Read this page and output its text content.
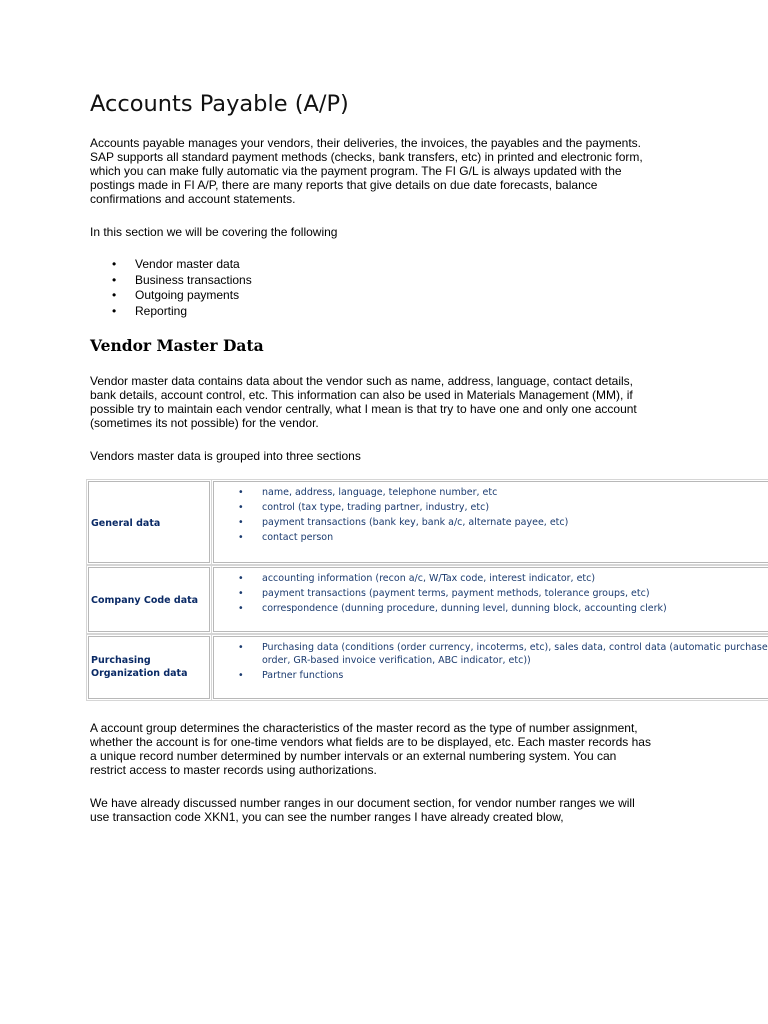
Accounts Payable (A/P)
Accounts payable manages your vendors, their deliveries, the invoices, the payables and the payments.
SAP supports all standard payment methods (checks, bank transfers, etc) in printed and electronic form,
which you can make fully automatic via the payment program. The FI G/L is always updated with the
postings made in FI A/P, there are many reports that give details on due date forecasts, balance
confirmations and account statements.
In this section we will be covering the following
• Vendor master data
• Business transactions
• Outgoing payments
• Reporting
Vendor Master Data
Vendor master data contains data about the vendor such as name, address, language, contact details,
bank details, account control, etc. This information can also be used in Materials Management (MM), if
possible try to maintain each vendor centrally, what I mean is that try to have one and only one account
(sometimes its not possible) for the vendor.
Vendors master data is grouped into three sections
General data
• name, address, language, telephone number, etc
• control (tax type, trading partner, industry, etc)
• payment transactions (bank key, bank a/c, alternate payee, etc)
• contact person
Company Code data
• accounting information (recon a/c, W/Tax code, interest indicator, etc)
• payment transactions (payment terms, payment methods, tolerance groups, etc)
• correspondence (dunning procedure, dunning level, dunning block, accounting clerk)
Purchasing
Organization data
• Purchasing data (conditions (order currency, incoterms, etc), sales data, control data (automatic purchase
order, GR-based invoice verification, ABC indicator, etc))
• Partner functions
A account group determines the characteristics of the master record as the type of number assignment,
whether the account is for one-time vendors what fields are to be displayed, etc. Each master records has
a unique record number determined by number intervals or an external numbering system. You can
restrict access to master records using authorizations.
We have already discussed number ranges in our document section, for vendor number ranges we will
use transaction code XKN1, you can see the number ranges I have already created blow,
